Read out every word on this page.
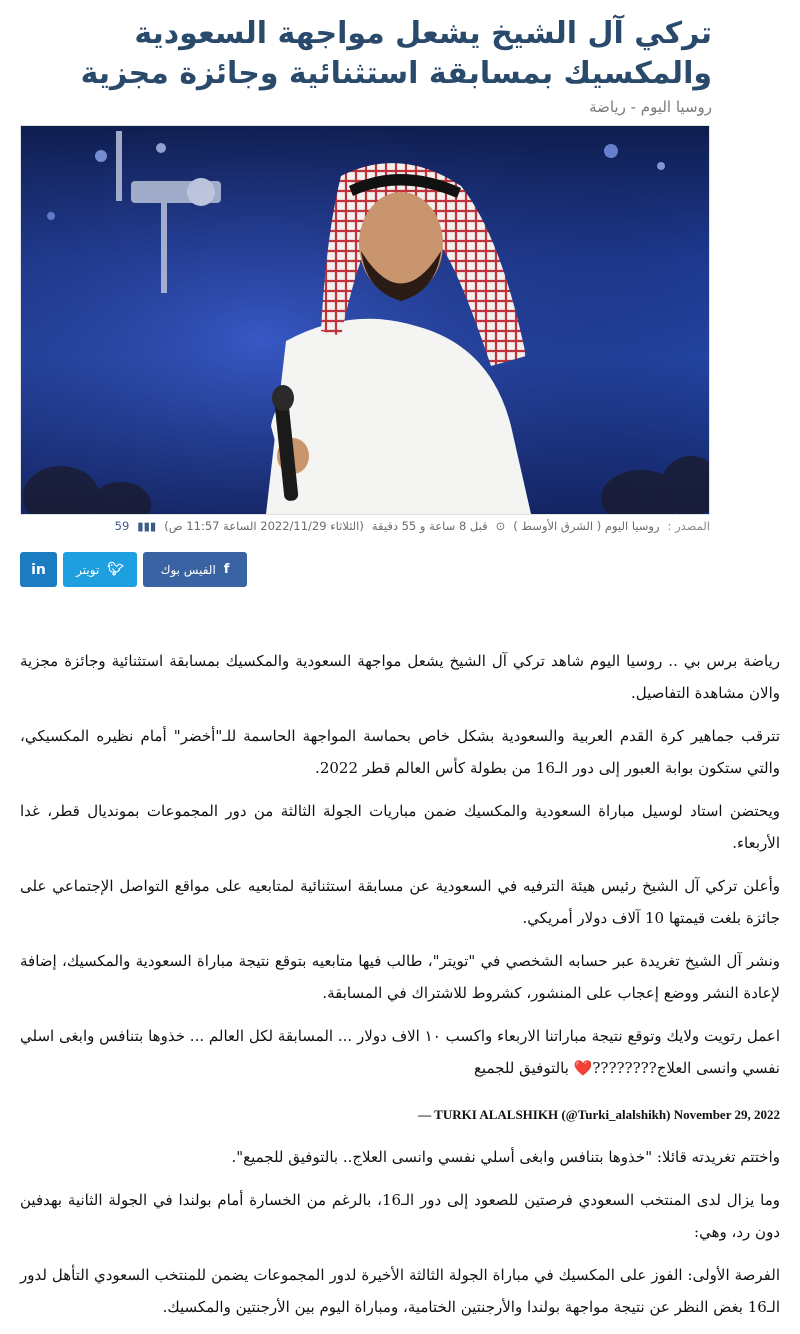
تركي آل الشيخ يشعل مواجهة السعودية والمكسيك بمسابقة استثنائية وجائزة مجزية
روسيا اليوم - رياضة
المصدر :
روسيا اليوم ( الشرق الأوسط )
⊙
قبل 8 ساعة و 55 دقيقة
(الثلاثاء 2022/11/29 الساعة 11:57 ص)
▮▮▮
59
in	🐦︎
تويتر	f
الفيس بوك

رياضة برس بي .. روسيا اليوم شاهد تركي آل الشيخ يشعل مواجهة السعودية والمكسيك بمسابقة استثنائية وجائزة مجزية والان مشاهدة التفاصيل.

تترقب جماهير كرة القدم العربية والسعودية بشكل خاص بحماسة المواجهة الحاسمة للـ"أخضر" أمام نظيره المكسيكي، والتي ستكون بوابة العبور إلى دور الـ16 من بطولة كأس العالم قطر 2022.

ويحتضن استاد لوسيل مباراة السعودية والمكسيك ضمن مباريات الجولة الثالثة من دور المجموعات بمونديال قطر، غدا الأربعاء.

وأعلن تركي آل الشيخ رئيس هيئة الترفيه في السعودية عن مسابقة استثنائية لمتابعيه على مواقع التواصل الإجتماعي على جائزة بلغت قيمتها 10 آلاف دولار أمريكي.

ونشر آل الشيخ تغريدة عبر حسابه الشخصي في "تويتر"، طالب فيها متابعيه بتوقع نتيجة مباراة السعودية والمكسيك، إضافة لإعادة النشر ووضع إعجاب على المنشور، كشروط للاشتراك في المسابقة.

اعمل رتويت ولايك وتوقع نتيجة مباراتنا الاربعاء واكسب ١٠ الاف دولار ... المسابقة لكل العالم ... خذوها بتنافس وابغى اسلي نفسي وانسى العلاج????????❤️ بالتوفيق للجميع

— TURKI ALALSHIKH (@Turki_alalshikh) November 29, 2022

واختتم تغريدته قائلا: "خذوها بتنافس وابغى أسلي نفسي وانسى العلاج.. بالتوفيق للجميع".

وما يزال لدى المنتخب السعودي فرصتين للصعود إلى دور الـ16، بالرغم من الخسارة أمام بولندا في الجولة الثانية بهدفين دون رد، وهي:

الفرصة الأولى: الفوز على المكسيك في مباراة الجولة الثالثة الأخيرة لدور المجموعات يضمن للمنتخب السعودي التأهل لدور الـ16 بغض النظر عن نتيجة مواجهة بولندا والأرجنتين الختامية، ومباراة اليوم بين الأرجنتين والمكسيك.
